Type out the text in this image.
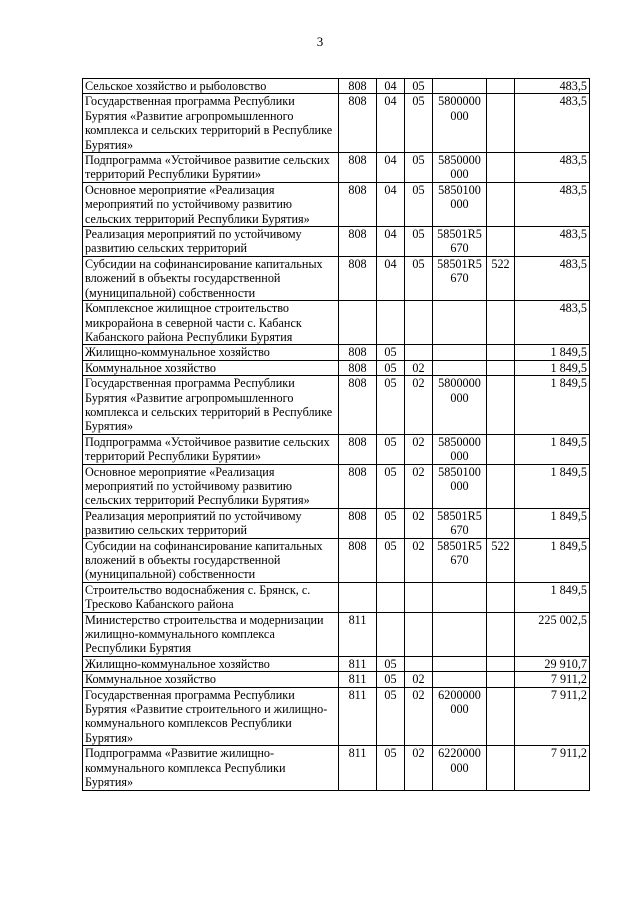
3
Сельское хозяйство и рыболовство	808	04	05			483,5
Государственная программа Республики Бурятия «Развитие агропромышленного комплекса и сельских территорий в Республике Бурятия»	808	04	05	5800000 000		483,5
Подпрограмма «Устойчивое развитие сельских территорий Республики Бурятии»	808	04	05	5850000 000		483,5
Основное мероприятие «Реализация мероприятий по устойчивому развитию сельских территорий Республики Бурятия»	808	04	05	5850100 000		483,5
Реализация мероприятий по устойчивому развитию сельских территорий	808	04	05	58501R5 670		483,5
Субсидии на софинансирование капитальных вложений в объекты государственной (муниципальной) собственности	808	04	05	58501R5 670	522	483,5
Комплексное жилищное строительство микрорайона в северной части с. Кабанск Кабанского района Республики Бурятия						483,5
Жилищно-коммунальное хозяйство	808	05				1 849,5
Коммунальное хозяйство	808	05	02			1 849,5
Государственная программа Республики Бурятия «Развитие агропромышленного комплекса и сельских территорий в Республике Бурятия»	808	05	02	5800000 000		1 849,5
Подпрограмма «Устойчивое развитие сельских территорий Республики Бурятии»	808	05	02	5850000 000		1 849,5
Основное мероприятие «Реализация мероприятий по устойчивому развитию сельских территорий Республики Бурятия»	808	05	02	5850100 000		1 849,5
Реализация мероприятий по устойчивому развитию сельских территорий	808	05	02	58501R5 670		1 849,5
Субсидии на софинансирование капитальных вложений в объекты государственной (муниципальной) собственности	808	05	02	58501R5 670	522	1 849,5
Строительство водоснабжения с. Брянск, с. Тресково Кабанского района						1 849,5
Министерство строительства и модернизации жилищно-коммунального комплекса Республики Бурятия	811					225 002,5
Жилищно-коммунальное хозяйство	811	05				29 910,7
Коммунальное хозяйство	811	05	02			7 911,2
Государственная программа Республики Бурятия «Развитие строительного и жилищно-коммунального комплексов Республики Бурятия»	811	05	02	6200000 000		7 911,2
Подпрограмма «Развитие жилищно-коммунального комплекса Республики Бурятия»	811	05	02	6220000 000		7 911,2
